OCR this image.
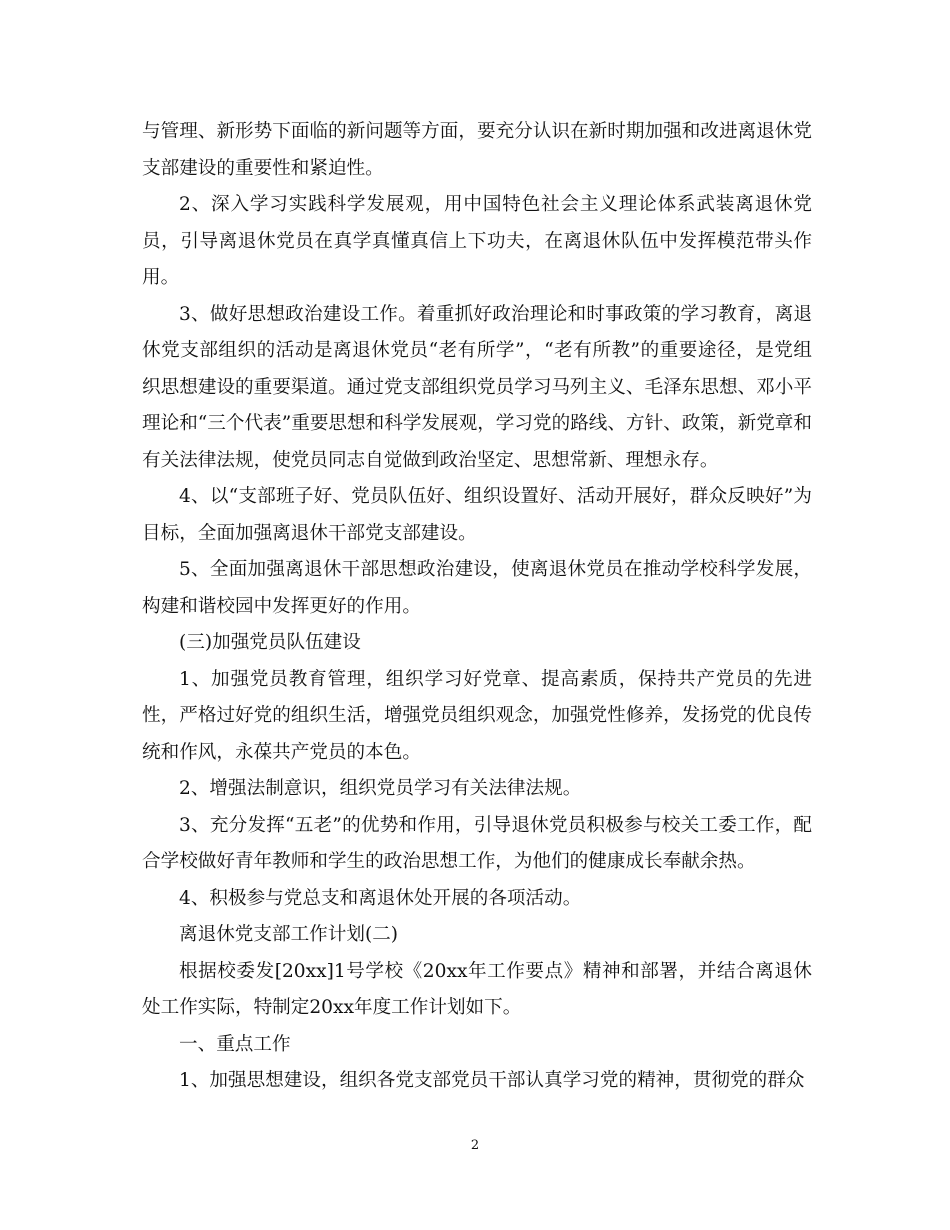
与管理、新形势下面临的新问题等方面，要充分认识在新时期加强和改进离退休党支部建设的重要性和紧迫性。

2、深入学习实践科学发展观，用中国特色社会主义理论体系武装离退休党员，引导离退休党员在真学真懂真信上下功夫，在离退休队伍中发挥模范带头作用。

3、做好思想政治建设工作。着重抓好政治理论和时事政策的学习教育，离退休党支部组织的活动是离退休党员“老有所学”，“老有所教”的重要途径，是党组织思想建设的重要渠道。通过党支部组织党员学习马列主义、毛泽东思想、邓小平理论和“三个代表”重要思想和科学发展观，学习党的路线、方针、政策，新党章和有关法律法规，使党员同志自觉做到政治坚定、思想常新、理想永存。

4、以“支部班子好、党员队伍好、组织设置好、活动开展好，群众反映好”为目标，全面加强离退休干部党支部建设。

5、全面加强离退休干部思想政治建设，使离退休党员在推动学校科学发展，构建和谐校园中发挥更好的作用。

(三)加强党员队伍建设

1、加强党员教育管理，组织学习好党章、提高素质，保持共产党员的先进性，严格过好党的组织生活，增强党员组织观念，加强党性修养，发扬党的优良传统和作风，永葆共产党员的本色。

2、增强法制意识，组织党员学习有关法律法规。

3、充分发挥“五老”的优势和作用，引导退休党员积极参与校关工委工作，配合学校做好青年教师和学生的政治思想工作，为他们的健康成长奉献余热。

4、积极参与党总支和离退休处开展的各项活动。

离退休党支部工作计划(二)

根据校委发[20xx]1号学校《20xx年工作要点》精神和部署，并结合离退休处工作实际，特制定20xx年度工作计划如下。

一、重点工作

1、加强思想建设，组织各党支部党员干部认真学习党的精神，贯彻党的群众

2
